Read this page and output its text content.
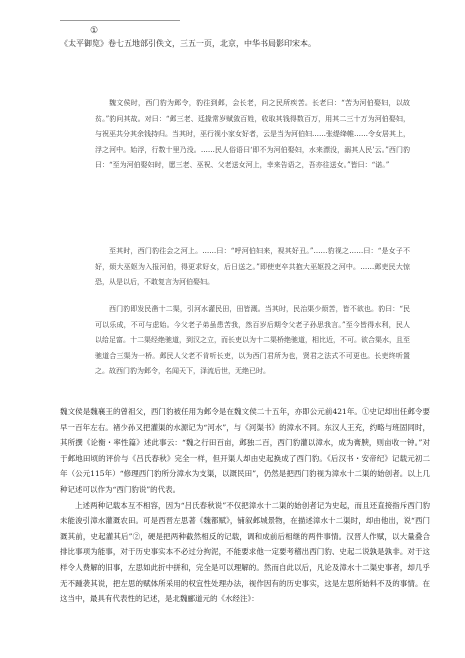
①
《太平御览》卷七五地部引佚文，三五一页，北京，中华书局影印宋本。

魏文侯时，西门豹为邺令，豹往到邺，会长老，问之民所疾苦。长老曰：“苦为河伯娶妇，以故贫。”豹问其故。对曰：“邺三老、廷掾常岁赋敛百姓，收取其钱得数百万，用其二三十万为河伯娶妇，与祝巫共分其余钱持归。当其时，巫行视小家女好者，云是当为河伯妇……张缇绛帷……令女居其上，浮之河中。始浮，行数十里乃没。……民人俗语曰‘即不为河伯娶妇，水来漂没，溺其人民’云。”西门豹曰：“至为河伯娶妇时，愿三老、巫祝、父老送女河上，幸来告语之，吾亦往送女。”皆曰：“诺。”

至其时，西门豹往会之河上。……曰：“呼河伯妇来，视其好丑。”……豹视之……曰：“是女子不好，烦大巫妪为入报河伯，得更求好女，后日送之。”即使吏卒共抱大巫妪投之河中。……邺吏民大惊恐，从是以后，不敢复言为河伯娶妇。

西门豹即发民凿十二渠，引河水灌民田，田皆溉。当其时，民治渠少烦苦，皆不欲也。豹曰：“民可以乐成，不可与虑始。今父老子弟虽患苦我，然百岁后期令父老子孙思我言。”至今皆得水利，民人以给足富。十二渠经绝驰道，到汉之立，而长吏以为十二渠桥绝驰道，相比近，不可。欲合渠水，且至驰道合三渠为一桥。邺民人父老不肯听长吏，以为西门君所为也，贤君之法式不可更也。长吏终听置之。故西门豹为邺令，名闻天下，泽流后世，无绝已时。

魏文侯是魏襄王的曾祖父，西门豹被任用为邺令是在魏文侯二十五年，亦即公元前421年。①史记却出任邺令要早一百年左右。褚少孙又把灌渠的水源记为“河水”，与《河渠书》的漳水不同。东汉人王充，约略与班固同时，其所撰《论衡・率性篇》述此事云：“魏之行田百亩，邺独二百，西门豹灌以漳水，成为膏腴，则亩收一钟。”对于邺地田顷的评价与《吕氏春秋》完全一样，但开渠人却由史起换成了西门豹。《后汉书・安帝纪》记载元初二年（公元115年）“修理西门豹所分漳水为支渠，以溉民田”，仍然是把西门豹视为漳水十二渠的始创者。以上几种记述可以作为“西门豹说”的代表。

上述两种记载本互不相容，因为“吕氏春秋说”不仅把漳水十二渠的始创者记为史起，而且还直接指斥西门豹未能浚引漳水灌溉农田。可是西晋左思著《魏都赋》，铺叙邺城景物，在描述漳水十二渠时，却由他出，说“西门溉其前，史起灌其后”②，硬是把两种截然相反的记载，调和成前后相继的两件事情。汉晋人作赋，以大量叠合排比事项为能事，对于历史事实本不必过分拘泥，不能要求他一定要考稽出西门豹、史起二说孰是孰非。对于这样令人费解的旧事，左思如此折中拼和，完全是可以理解的。然而自此以后，凡论及漳水十二渠史事者，却几乎无不踵袭其说，把左思的赋体所采用的权宜性处理办法，视作因有的历史事实，这是左思所始料不及的事情。在这当中，最具有代表性的记述，是北魏郦道元的《水经注》：
